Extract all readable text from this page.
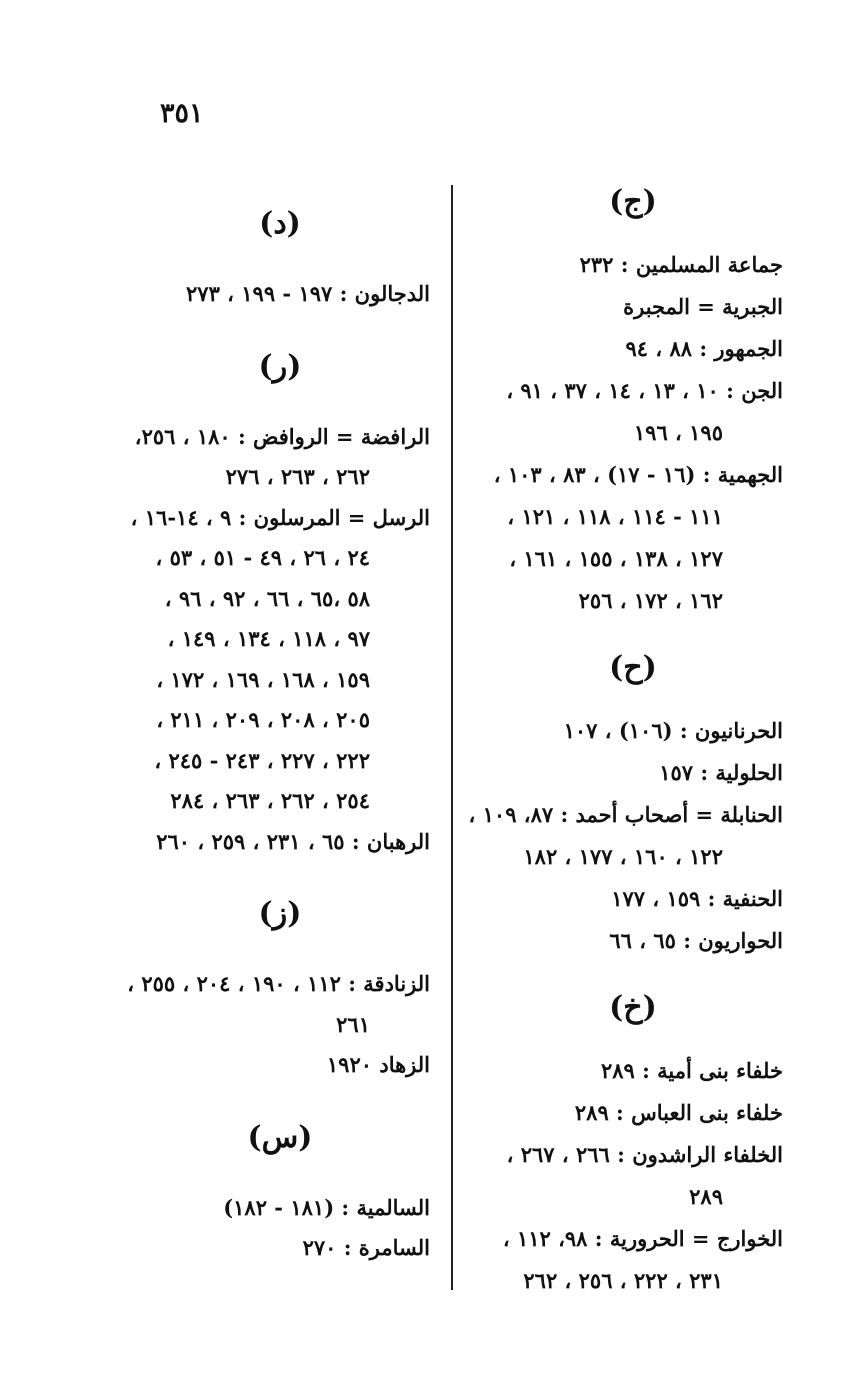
٣٥١
(ج)
جماعة المسلمين : ٢٣٢
الجبرية = المجبرة
الجمهور : ٨٨ ، ٩٤
الجن : ١٠ ، ١٣ ، ١٤ ، ٣٧ ، ٩١ ،
١٩٥ ، ١٩٦
الجهمية : (١٦ - ١٧) ، ٨٣ ، ١٠٣ ،
١١١ - ١١٤ ، ١١٨ ، ١٢١ ،
١٢٧ ، ١٣٨ ، ١٥٥ ، ١٦١ ،
١٦٢ ، ١٧٢ ، ٢٥٦
(ح)
الحرنانيون : (١٠٦) ، ١٠٧
الحلولية : ١٥٧
الحنابلة = أصحاب أحمد : ٨٧، ١٠٩ ،
١٢٢ ، ١٦٠ ، ١٧٧ ، ١٨٢
الحنفية : ١٥٩ ، ١٧٧
الحواريون : ٦٥ ، ٦٦
(خ)
خلفاء بنى أمية : ٢٨٩
خلفاء بنى العباس : ٢٨٩
الخلفاء الراشدون : ٢٦٦ ، ٢٦٧ ،
٢٨٩
الخوارج = الحرورية : ٩٨، ١١٢ ،
٢٣١ ، ٢٢٢ ، ٢٥٦ ، ٢٦٢
(د)
الدجالون : ١٩٧ - ١٩٩ ، ٢٧٣
(ر)
الرافضة = الروافض : ١٨٠ ، ٢٥٦،
٢٦٢ ، ٢٦٣ ، ٢٧٦
الرسل = المرسلون : ٩ ، ١٤-١٦ ،
٢٤ ، ٢٦ ، ٤٩ - ٥١ ، ٥٣ ،
٥٨ ،٦٥ ، ٦٦ ، ٩٢ ، ٩٦ ،
٩٧ ، ١١٨ ، ١٣٤ ، ١٤٩ ،
١٥٩ ، ١٦٨ ، ١٦٩ ، ١٧٢ ،
٢٠٥ ، ٢٠٨ ، ٢٠٩ ، ٢١١ ،
٢٢٢ ، ٢٢٧ ، ٢٤٣ - ٢٤٥ ،
٢٥٤ ، ٢٦٢ ، ٢٦٣ ، ٢٨٤
الرهبان : ٦٥ ، ٢٣١ ، ٢٥٩ ، ٢٦٠
(ز)
الزنادقة : ١١٢ ، ١٩٠ ، ٢٠٤ ، ٢٥٥ ،
٢٦١
الزهاد ١٩٢٠
(س)
السالمية : (١٨١ - ١٨٢)
السامرة : ٢٧٠
